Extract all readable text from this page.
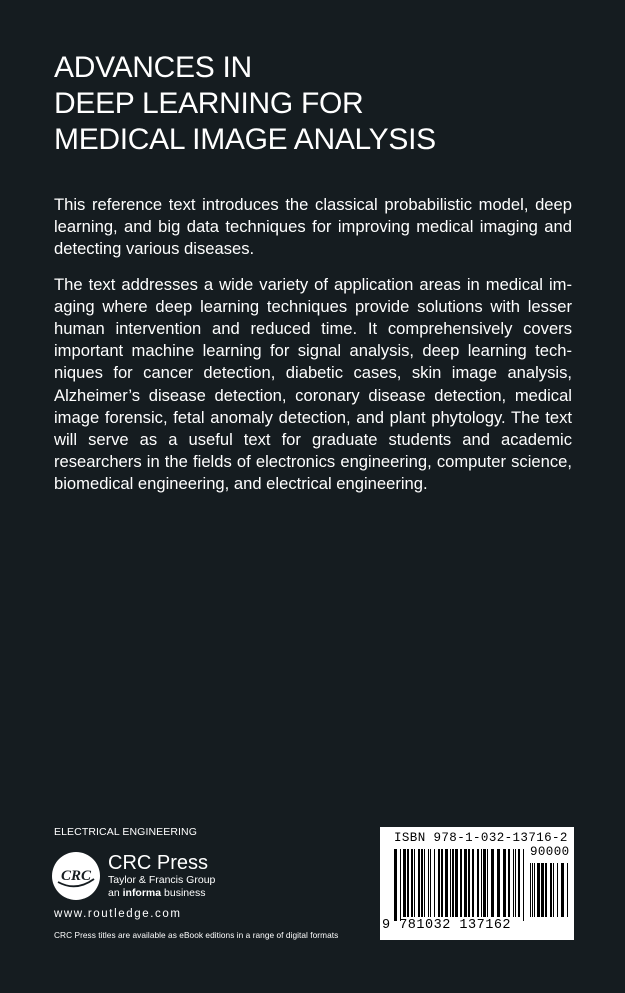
ADVANCES IN
DEEP LEARNING FOR
MEDICAL IMAGE ANALYSIS

This reference text introduces the classical probabilistic model, deep learning, and big data techniques for improving medical imaging and detecting various diseases.

The text addresses a wide variety of application areas in medical imaging where deep learning techniques provide solutions with lesser human intervention and reduced time. It comprehensively covers important machine learning for signal analysis, deep learning techniques for cancer detection, diabetic cases, skin image analysis, Alzheimer’s disease detection, coronary disease detection, medical image forensic, fetal anomaly detection, and plant phytology. The text will serve as a useful text for graduate students and academic researchers in the fields of electronics engineering, computer science, biomedical engineering, and electrical engineering.

ELECTRICAL ENGINEERING
CRC
CRC Press
Taylor & Francis Group
an informa business
www.routledge.com
CRC Press titles are available as eBook editions in a range of digital formats
ISBN 978-1-032-13716-2
90000
9 781032 137162
